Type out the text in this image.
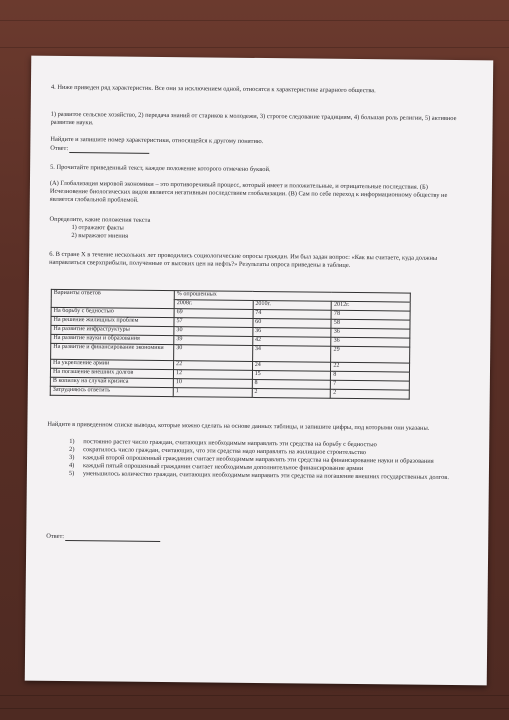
4. Ниже приведен ряд характеристик. Все они за исключением одной, относятся к характеристике аграрного общества.
1) развитое сельское хозяйство, 2) передача знаний от стариков к молодежи, 3) строгое следование традициям, 4) большая роль религии, 5) активное развитие науки.
Найдите и запишите номер характеристики, относящейся к другому понятию.
Ответ:
5. Прочитайте приведенный текст, каждое положение которого отмечено буквой.
(А) Глобализация мировой экономики – это противоречивый процесс, который имеет и положительные, и отрицательные последствия. (Б) Исчезновение биологических видов является негативным последствием глобализации. (В) Сам по себе переход к информационному обществу не является глобальной проблемой.
Определите, какие положения текста
1) отражают факты
2) выражают мнения
6. В стране Х в течение нескольких лет проводились социологические опросы граждан. Им был задан вопрос: «Как вы считаете, куда должны направляться сверхприбыли, полученные от высоких цен на нефть?» Результаты опроса приведены в таблице.
Варианты ответов	% опрошенных		
	2008г.	2010г.	2012г.
На борьбу с бедностью	69	74	78
На решение жилищных проблем	57	60	58
На развитие инфраструктуры	30	36	36
На развитие науки и образования	39	42	36
На развитие и финансирование экономики	30	34	29
На укрепление армии	22	24	22
На погашение внешних долгов	12	15	8
В копилку на случай кризиса	10	8	7
Затрудняюсь ответить	1	2	2
Найдите в приведенном списке выводы, которые можно сделать на основе данных таблицы, и запишите цифры, под которыми они указаны.
1)	постоянно растет число граждан, считающих необходимым направлять эти средства на борьбу с бедностью
2)	сократилось число граждан, считающих, что эти средства надо направлять на жилищное строительство
3)	каждый второй опрошенный гражданин считает необходимым направлять эти средства на финансирование науки и образования
4)	каждый пятый опрошенный гражданин считает необходимым дополнительное финансирование армии
5)	уменьшилось количество граждан, считающих необходимым направить эти средства на погашение внешних государственных долгов.
Ответ:
